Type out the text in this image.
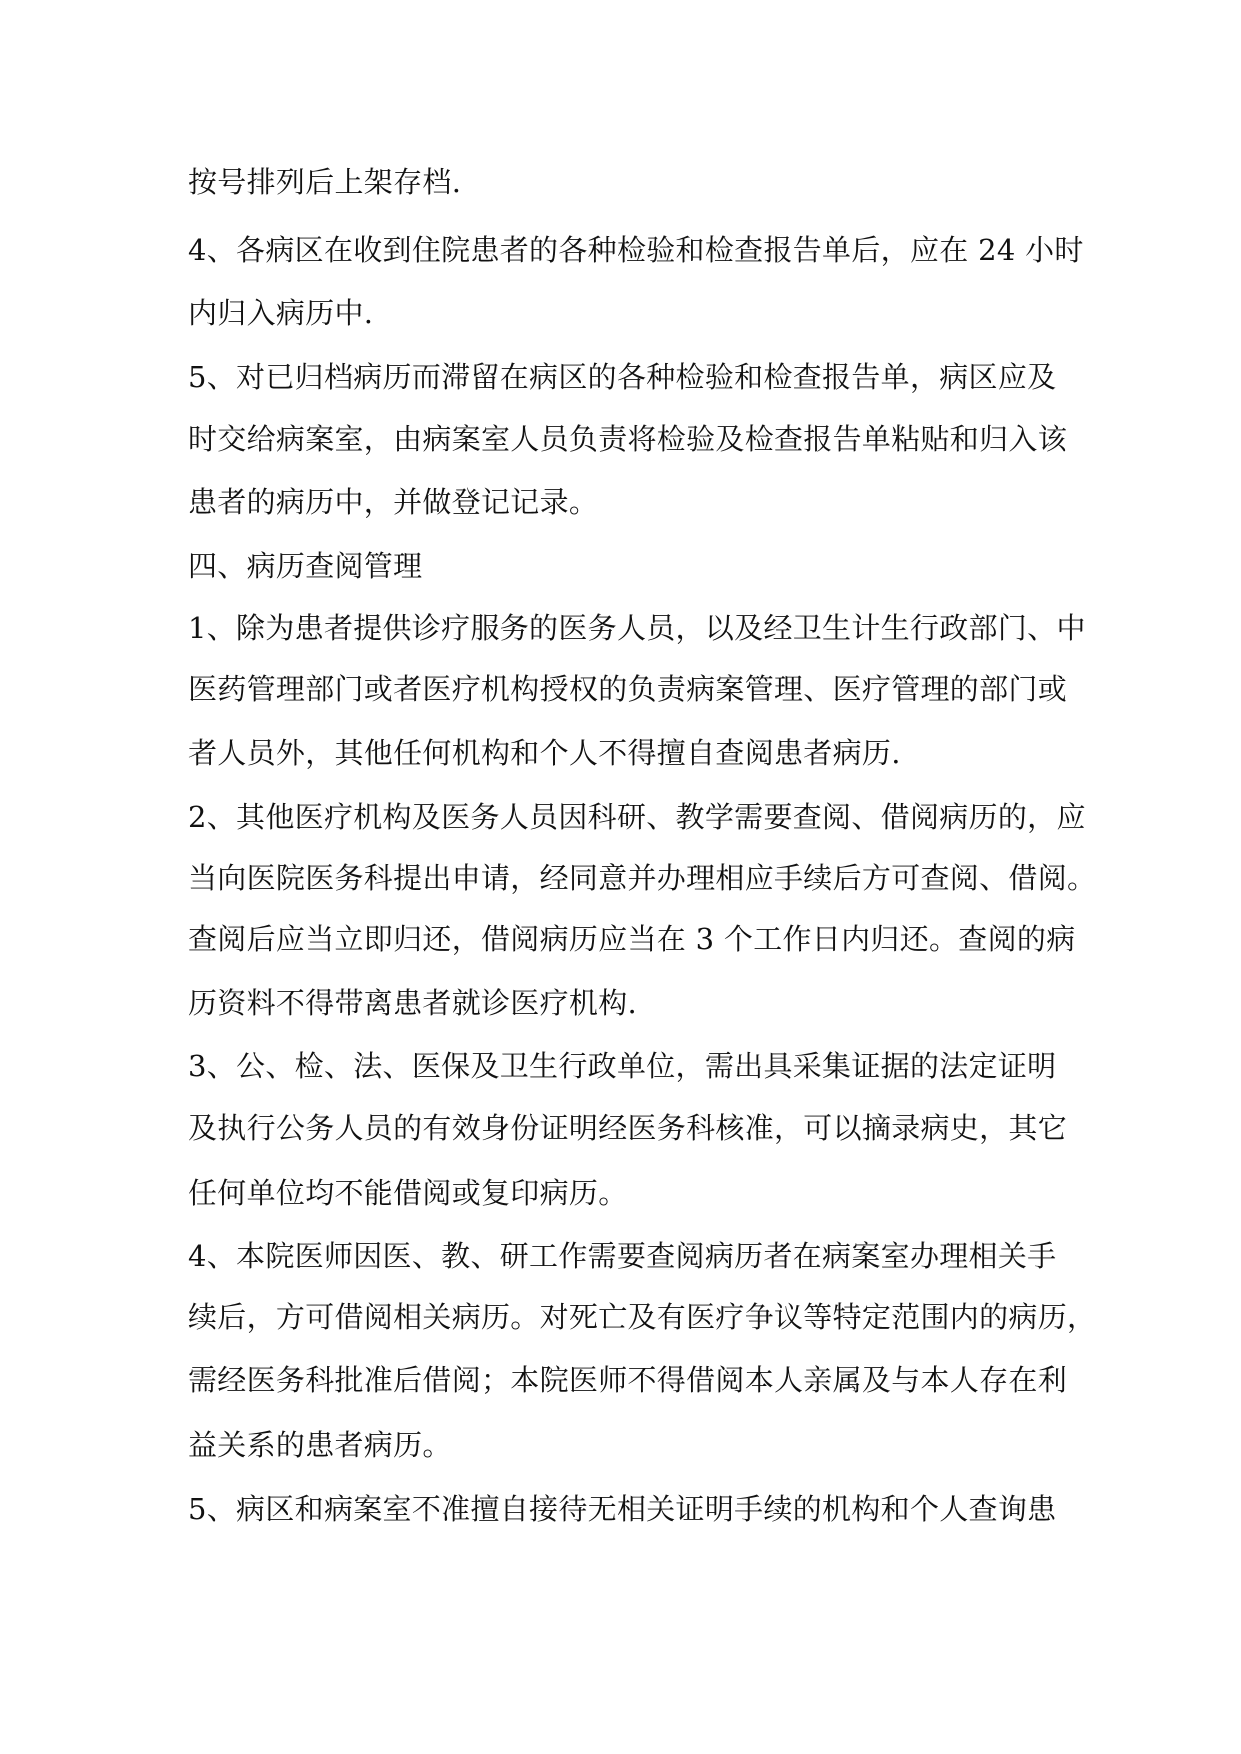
按号排列后上架存档.
4、各病区在收到住院患者的各种检验和检查报告单后，应在 24 小时
内归入病历中.
5、对已归档病历而滞留在病区的各种检验和检查报告单，病区应及
时交给病案室，由病案室人员负责将检验及检查报告单粘贴和归入该
患者的病历中，并做登记记录。
四、病历查阅管理
1、除为患者提供诊疗服务的医务人员，以及经卫生计生行政部门、中
医药管理部门或者医疗机构授权的负责病案管理、医疗管理的部门或
者人员外，其他任何机构和个人不得擅自查阅患者病历.
2、其他医疗机构及医务人员因科研、教学需要查阅、借阅病历的，应
当向医院医务科提出申请，经同意并办理相应手续后方可查阅、借阅。
查阅后应当立即归还，借阅病历应当在 3 个工作日内归还。查阅的病
历资料不得带离患者就诊医疗机构.
3、公、检、法、医保及卫生行政单位，需出具采集证据的法定证明
及执行公务人员的有效身份证明经医务科核准，可以摘录病史，其它
任何单位均不能借阅或复印病历。
4、本院医师因医、教、研工作需要查阅病历者在病案室办理相关手
续后，方可借阅相关病历。对死亡及有医疗争议等特定范围内的病历，
需经医务科批准后借阅；本院医师不得借阅本人亲属及与本人存在利
益关系的患者病历。
5、病区和病案室不准擅自接待无相关证明手续的机构和个人查询患
